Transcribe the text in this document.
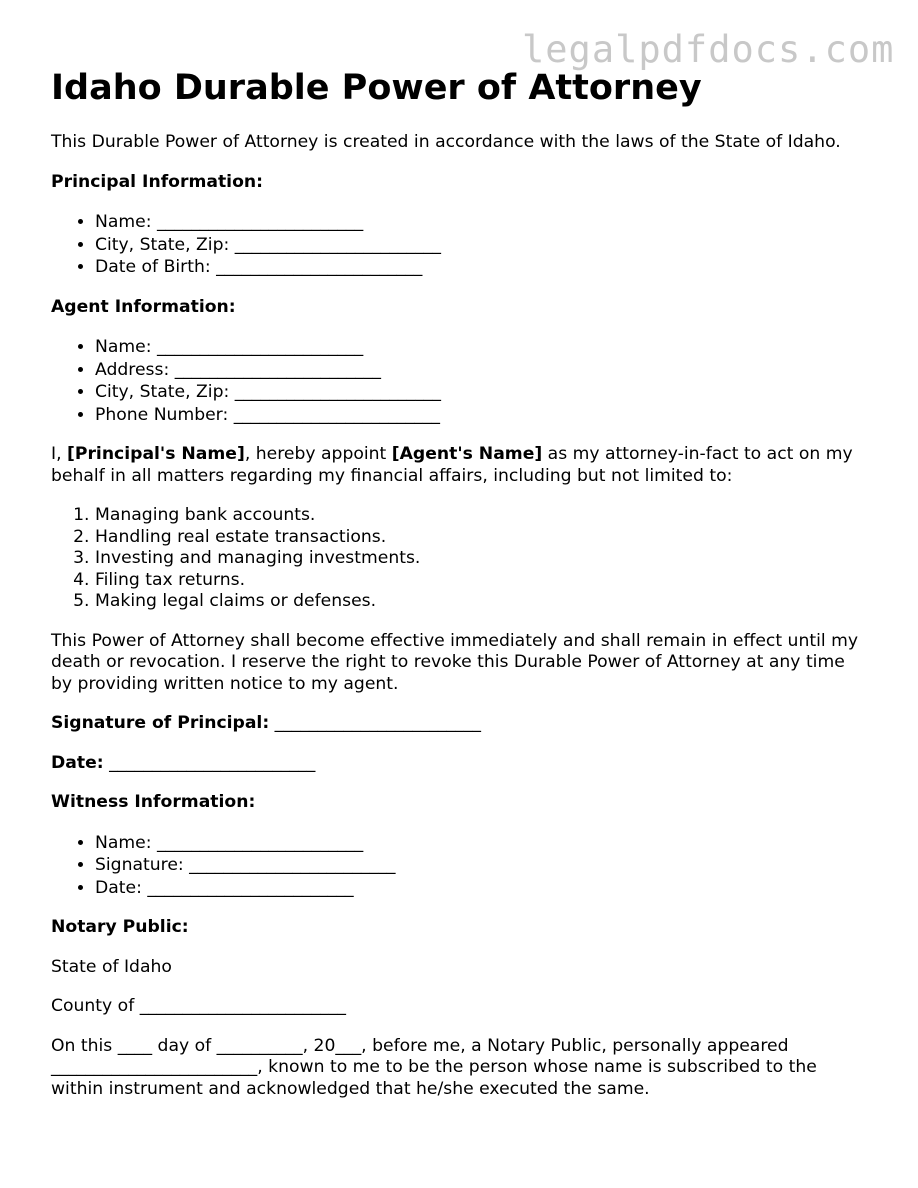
legalpdfdocs.com
Idaho Durable Power of Attorney

This Durable Power of Attorney is created in accordance with the laws of the State of Idaho.

Principal Information:

• Name: ________________________
• City, State, Zip: ________________________
• Date of Birth: ________________________

Agent Information:

• Name: ________________________
• Address: ________________________
• City, State, Zip: ________________________
• Phone Number: ________________________

I, [Principal's Name], hereby appoint [Agent's Name] as my attorney-in-fact to act on my behalf in all matters regarding my financial affairs, including but not limited to:

1. Managing bank accounts.
2. Handling real estate transactions.
3. Investing and managing investments.
4. Filing tax returns.
5. Making legal claims or defenses.

This Power of Attorney shall become effective immediately and shall remain in effect until my death or revocation. I reserve the right to revoke this Durable Power of Attorney at any time by providing written notice to my agent.

Signature of Principal: ________________________

Date: ________________________

Witness Information:

• Name: ________________________
• Signature: ________________________
• Date: ________________________

Notary Public:

State of Idaho

County of ________________________

On this ____ day of __________, 20___, before me, a Notary Public, personally appeared ________________________, known to me to be the person whose name is subscribed to the within instrument and acknowledged that he/she executed the same.
